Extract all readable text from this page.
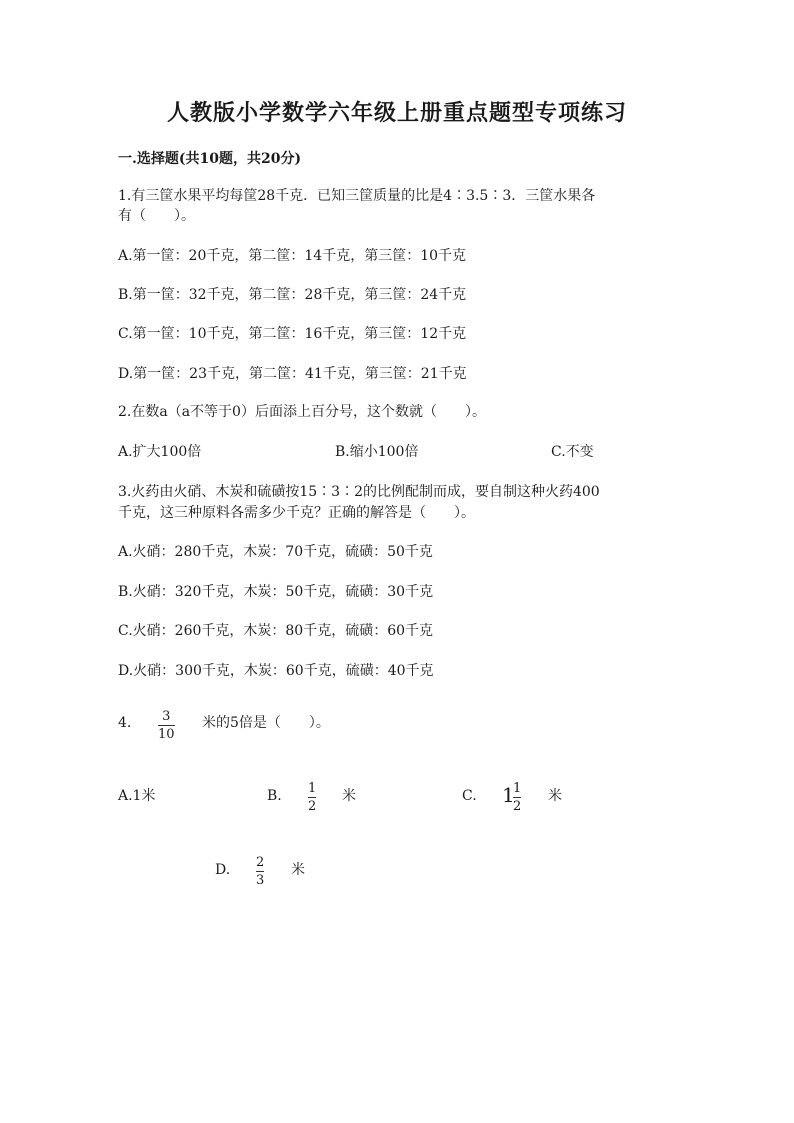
人教版小学数学六年级上册重点题型专项练习
一.选择题(共10题，共20分)
1.有三筐水果平均每筐28千克．已知三筐质量的比是4∶3.5∶3．三筐水果各
有（　　）。
A.第一筐：20千克，第二筐：14千克，第三筐：10千克
B.第一筐：32千克，第二筐：28千克，第三筐：24千克
C.第一筐：10千克，第二筐：16千克，第三筐：12千克
D.第一筐：23千克，第二筐：41千克，第三筐：21千克
2.在数a（a不等于0）后面添上百分号，这个数就（　　）。
A.扩大100倍	B.缩小100倍	C.不变
3.火药由火硝、木炭和硫磺按15∶3∶2的比例配制而成，要自制这种火药400
千克，这三种原料各需多少千克？正确的解答是（　　）。
A.火硝：280千克，木炭：70千克，硫磺：50千克
B.火硝：320千克，木炭：50千克，硫磺：30千克
C.火硝：260千克，木炭：80千克，硫磺：60千克
D.火硝：300千克，木炭：60千克，硫磺：40千克
4. 3
10
米的5倍是（　　）。
A.1米	B. 1
2
米	C. 1
1
2
米
D. 2
3
米
